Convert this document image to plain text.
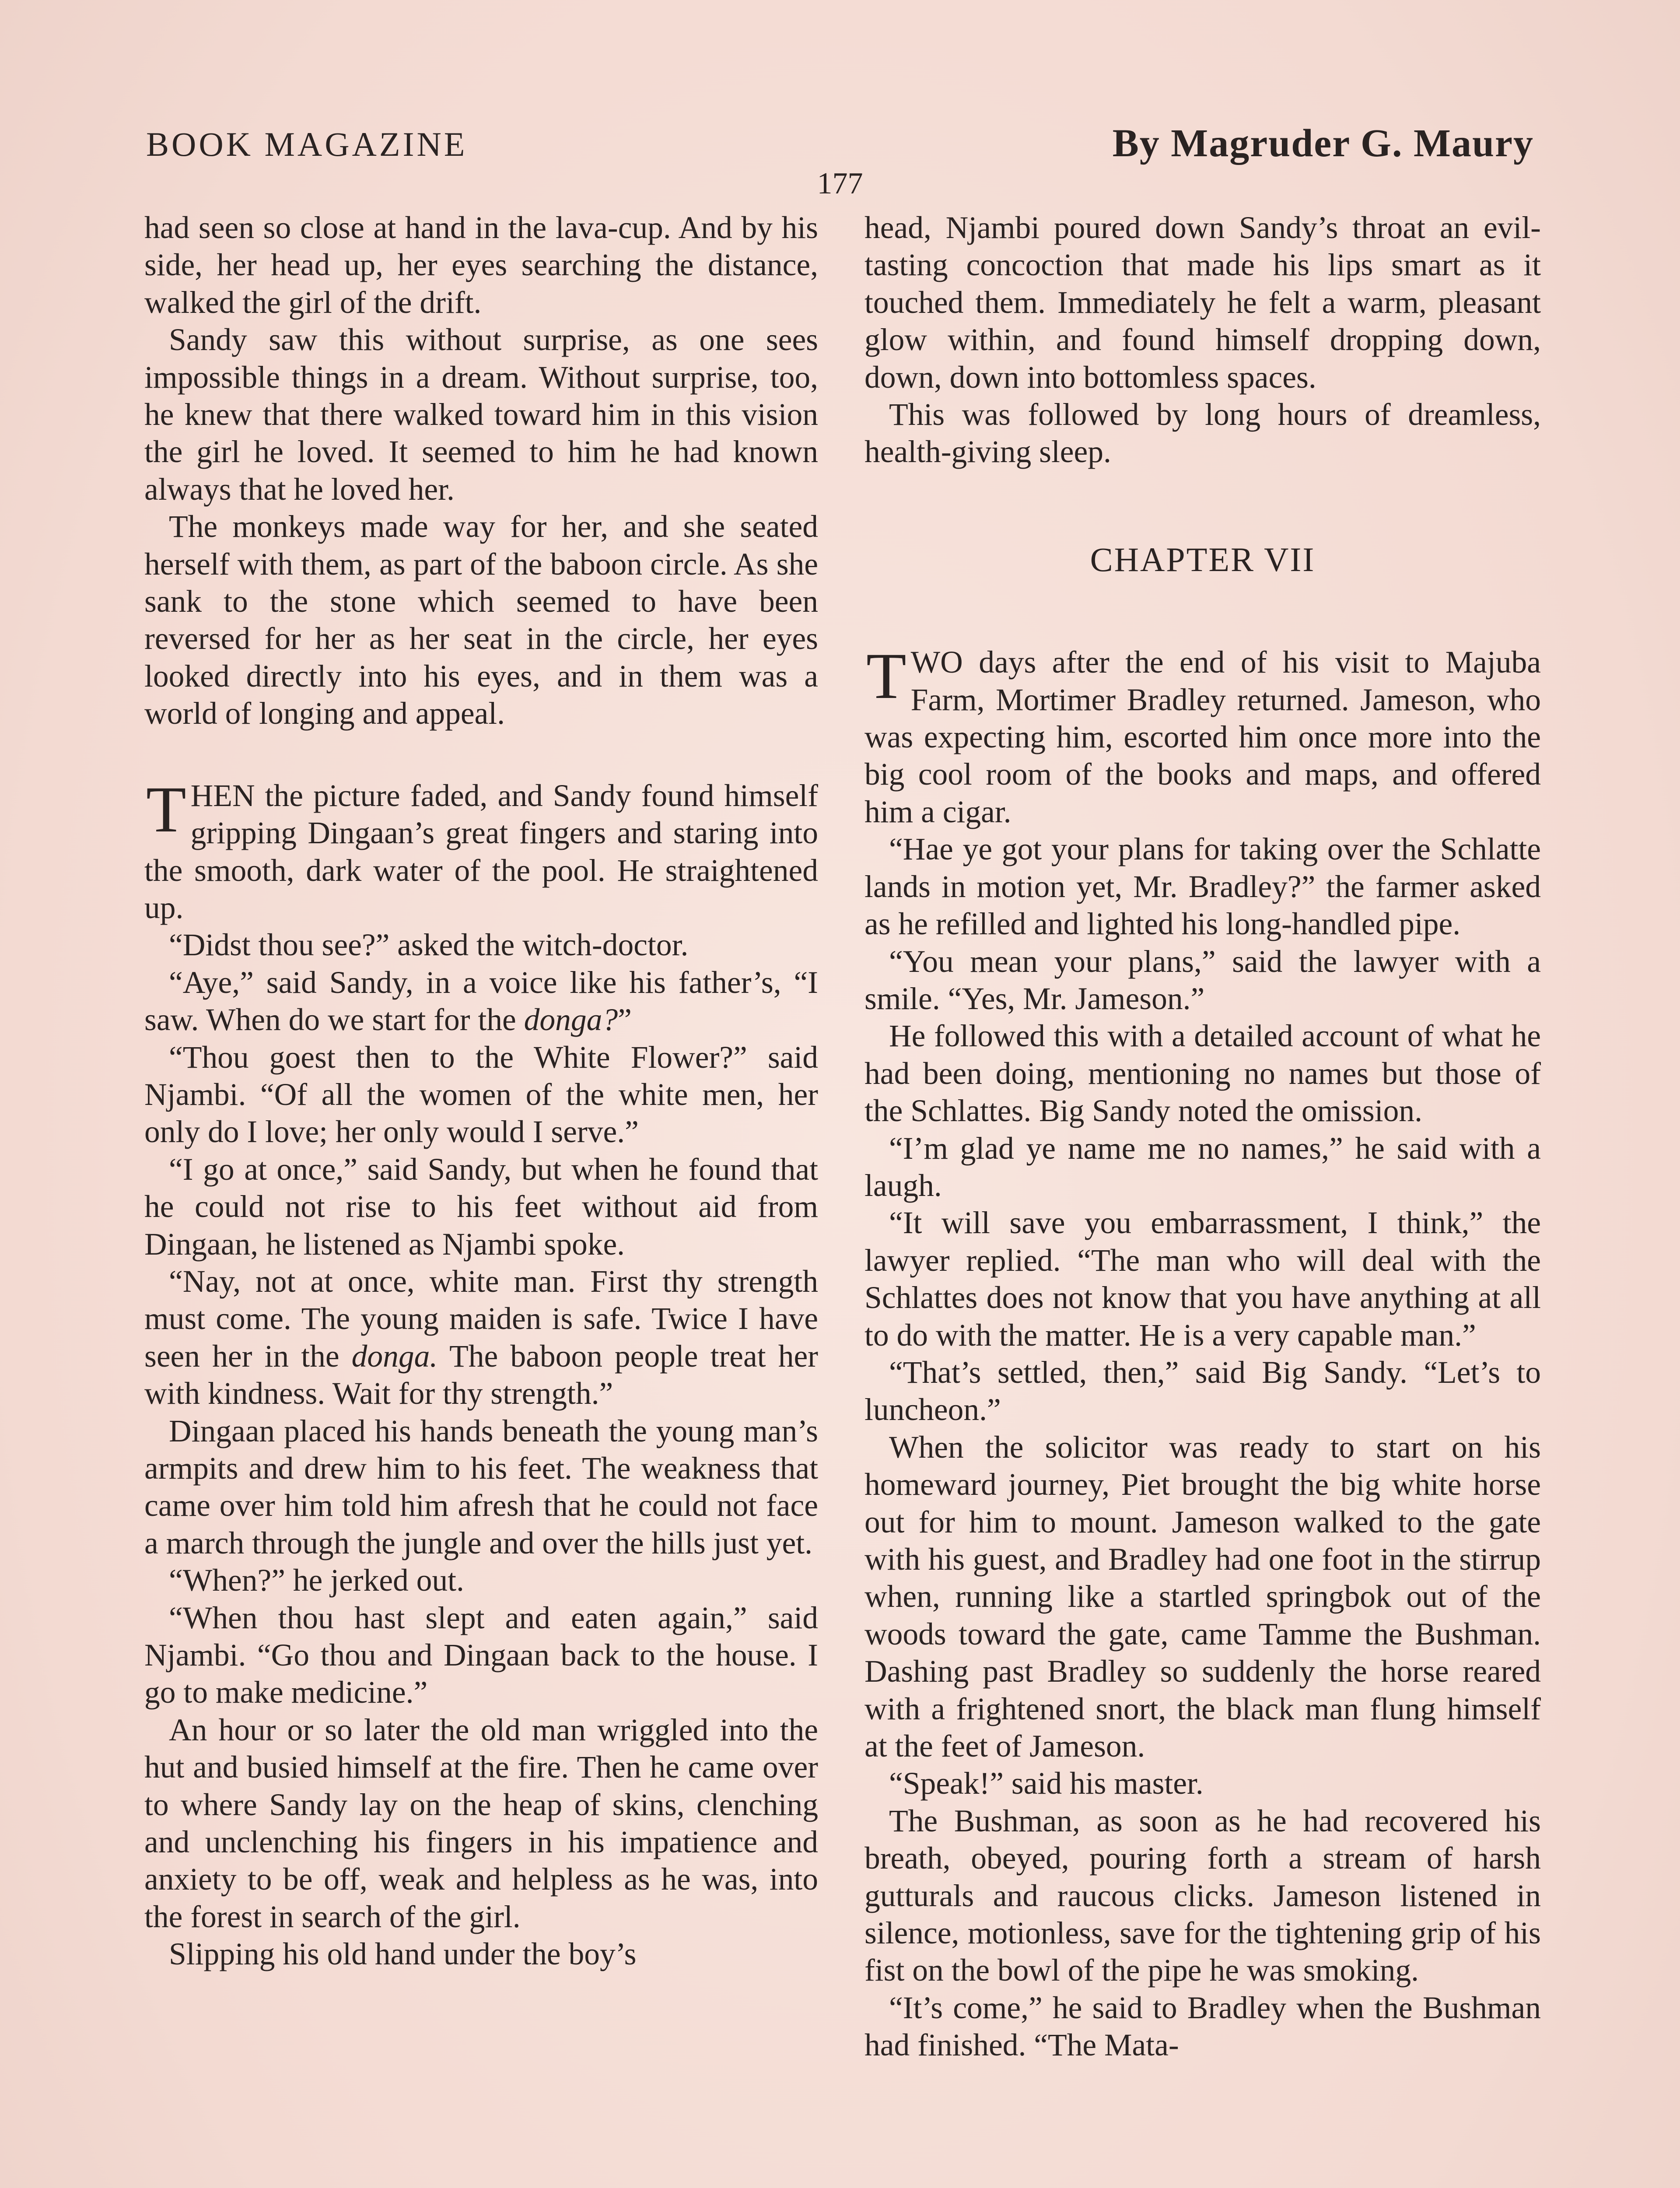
BOOK MAGAZINE	By Magruder G. Maury
177

had seen so close at hand in the lava-cup. And by his side, her head up, her eyes searching the distance, walked the girl of the drift.

Sandy saw this without surprise, as one sees impossible things in a dream. Without surprise, too, he knew that there walked toward him in this vision the girl he loved. It seemed to him he had known always that he loved her.

The monkeys made way for her, and she seated herself with them, as part of the baboon circle. As she sank to the stone which seemed to have been reversed for her as her seat in the circle, her eyes looked directly into his eyes, and in them was a world of longing and appeal.

THEN the picture faded, and Sandy found himself gripping Dingaan’s great fingers and staring into the smooth, dark water of the pool. He straightened up.

“Didst thou see?” asked the witch-doctor.

“Aye,” said Sandy, in a voice like his father’s, “I saw. When do we start for the donga?”

“Thou goest then to the White Flower?” said Njambi. “Of all the women of the white men, her only do I love; her only would I serve.”

“I go at once,” said Sandy, but when he found that he could not rise to his feet without aid from Dingaan, he listened as Njambi spoke.

“Nay, not at once, white man. First thy strength must come. The young maiden is safe. Twice I have seen her in the donga. The baboon people treat her with kindness. Wait for thy strength.”

Dingaan placed his hands beneath the young man’s armpits and drew him to his feet. The weakness that came over him told him afresh that he could not face a march through the jungle and over the hills just yet.

“When?” he jerked out.

“When thou hast slept and eaten again,” said Njambi. “Go thou and Dingaan back to the house. I go to make medicine.”

An hour or so later the old man wriggled into the hut and busied himself at the fire. Then he came over to where Sandy lay on the heap of skins, clenching and unclenching his fingers in his impatience and anxiety to be off, weak and helpless as he was, into the forest in search of the girl.

Slipping his old hand under the boy’s

head, Njambi poured down Sandy’s throat an evil-tasting concoction that made his lips smart as it touched them. Immediately he felt a warm, pleasant glow within, and found himself dropping down, down, down into bottomless spaces.

This was followed by long hours of dreamless, health-giving sleep.

CHAPTER VII

TWO days after the end of his visit to Majuba Farm, Mortimer Bradley returned. Jameson, who was expecting him, escorted him once more into the big cool room of the books and maps, and offered him a cigar.

“Hae ye got your plans for taking over the Schlatte lands in motion yet, Mr. Bradley?” the farmer asked as he refilled and lighted his long-handled pipe.

“You mean your plans,” said the lawyer with a smile. “Yes, Mr. Jameson.”

He followed this with a detailed account of what he had been doing, mentioning no names but those of the Schlattes. Big Sandy noted the omission.

“I’m glad ye name me no names,” he said with a laugh.

“It will save you embarrassment, I think,” the lawyer replied. “The man who will deal with the Schlattes does not know that you have anything at all to do with the matter. He is a very capable man.”

“That’s settled, then,” said Big Sandy. “Let’s to luncheon.”

When the solicitor was ready to start on his homeward journey, Piet brought the big white horse out for him to mount. Jameson walked to the gate with his guest, and Bradley had one foot in the stirrup when, running like a startled springbok out of the woods toward the gate, came Tamme the Bushman. Dashing past Bradley so suddenly the horse reared with a frightened snort, the black man flung himself at the feet of Jameson.

“Speak!” said his master.

The Bushman, as soon as he had recovered his breath, obeyed, pouring forth a stream of harsh gutturals and raucous clicks. Jameson listened in silence, motionless, save for the tightening grip of his fist on the bowl of the pipe he was smoking.

“It’s come,” he said to Bradley when the Bushman had finished. “The Mata-
